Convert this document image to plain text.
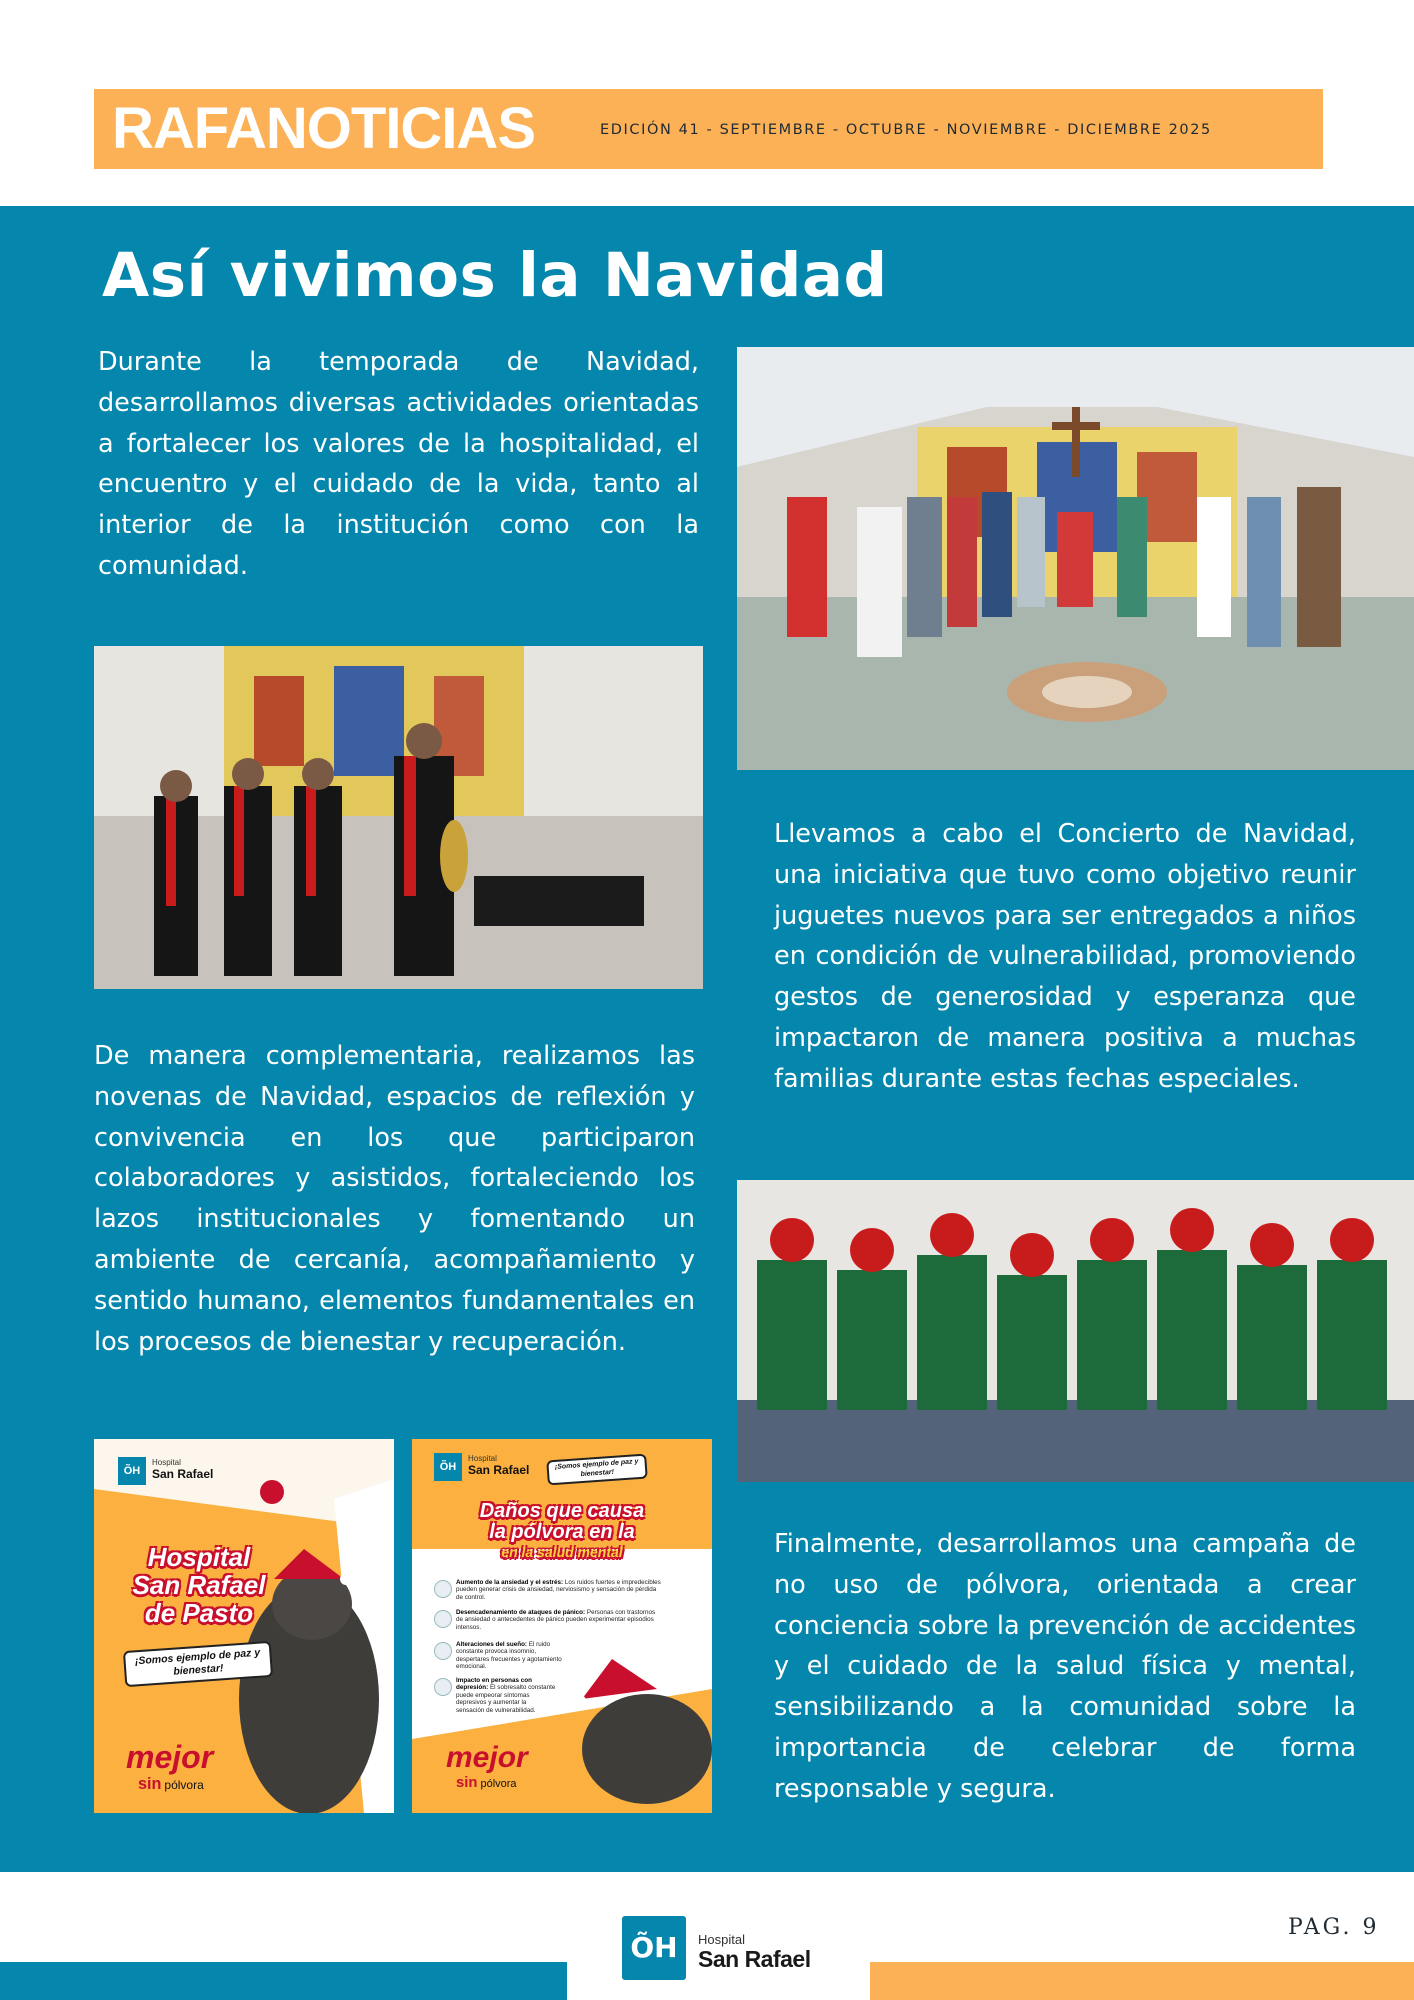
RAFANOTICIAS	EDICIÓN 41 - SEPTIEMBRE - OCTUBRE - NOVIEMBRE - DICIEMBRE 2025
Así vivimos la Navidad
Durante la temporada de Navidad, desarrollamos diversas actividades orientadas a fortalecer los valores de la hospitalidad, el encuentro y el cuidado de la vida, tanto al interior de la institución como con la comunidad.
Llevamos a cabo el Concierto de Navidad, una iniciativa que tuvo como objetivo reunir juguetes nuevos para ser entregados a niños en condición de vulnerabilidad, promoviendo gestos de generosidad y esperanza que impactaron de manera positiva a muchas familias durante estas fechas especiales.
De manera complementaria, realizamos las novenas de Navidad, espacios de reflexión y convivencia en los que participaron colaboradores y asistidos, fortaleciendo los lazos institucionales y fomentando un ambiente de cercanía, acompañamiento y sentido humano, elementos fundamentales en los procesos de bienestar y recuperación.
Finalmente, desarrollamos una campaña de no uso de pólvora, orientada a crear conciencia sobre la prevención de accidentes y el cuidado de la salud física y mental, sensibilizando a la comunidad sobre la importancia de celebrar de forma responsable y segura.
ÕH
Hospital
San Rafael
Hospital
San Rafael
de Pasto
¡Somos ejemplo de paz y bienestar!
mejor
sin pólvora
ÕH
Hospital
San Rafael	¡Somos ejemplo de paz y bienestar!
Daños que causa
la pólvora en la
en la salud mental
Aumento de la ansiedad y el estrés: Los ruidos fuertes e impredecibles pueden generar crisis de ansiedad, nerviosismo y sensación de pérdida de control.
Desencadenamiento de ataques de pánico: Personas con trastornos de ansiedad o antecedentes de pánico pueden experimentar episodios intensos.
Alteraciones del sueño: El ruido constante provoca insomnio, despertares frecuentes y agotamiento emocional.
Impacto en personas con depresión: El sobresalto constante puede empeorar síntomas depresivos y aumentar la sensación de vulnerabilidad.
mejor
sin pólvora
ÕH	Hospital
San Rafael
PAG. 9
